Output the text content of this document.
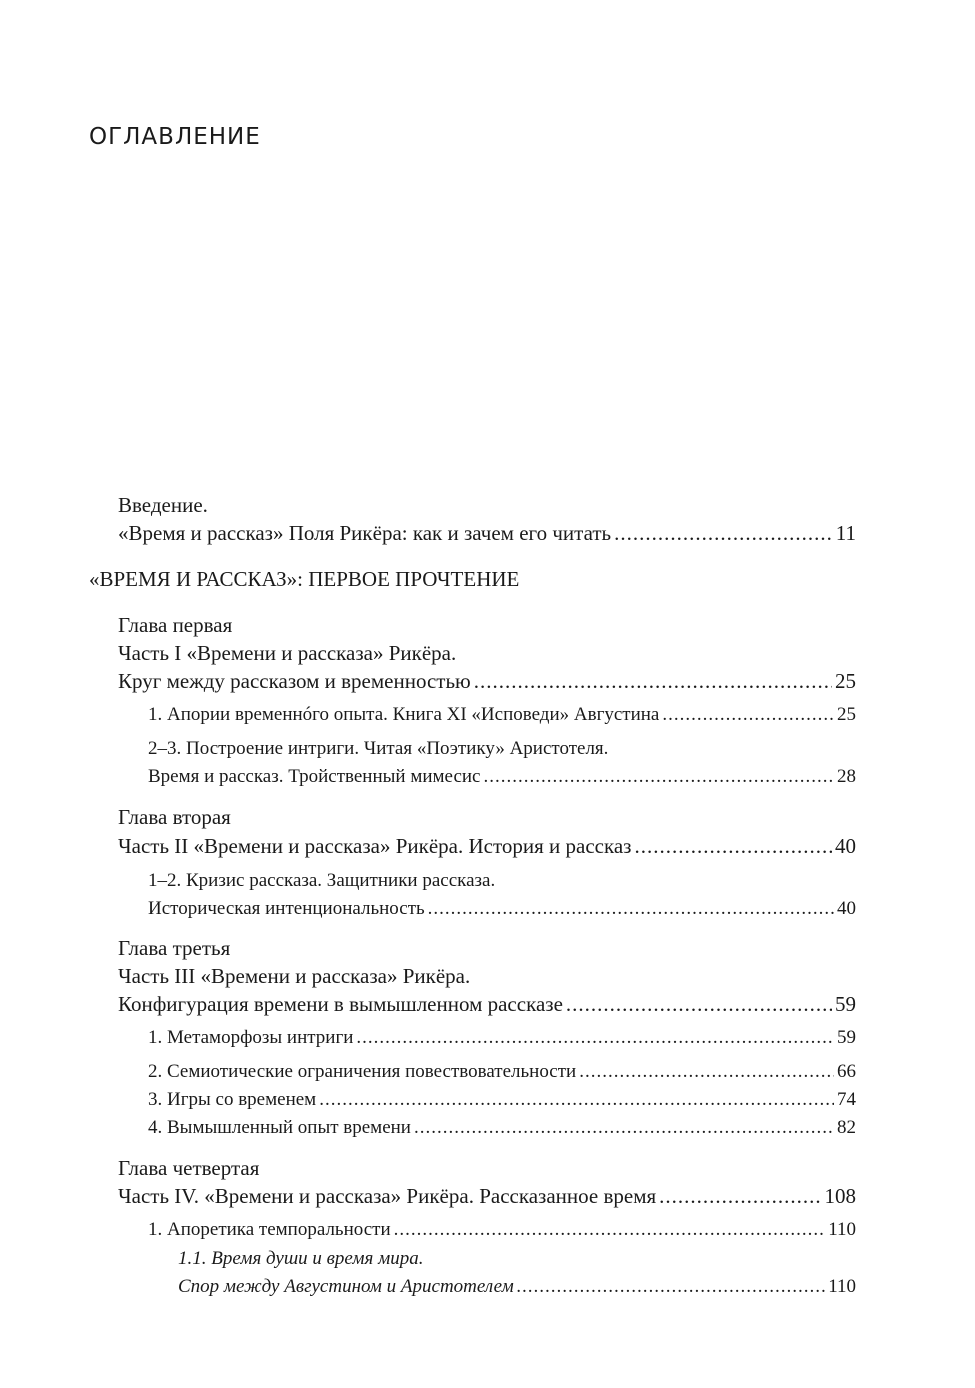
ОГЛАВЛЕНИЕ
Введение.
«Время и рассказ» Поля Рикёра: как и зачем его читать .....	11
«ВРЕМЯ И РАССКАЗ»: ПЕРВОЕ ПРОЧТЕНИЕ
Глава первая
Часть I «Времени и рассказа» Рикёра.
Круг между рассказом и временностью .....	25
1. Апории временнóго опыта. Книга XI «Исповеди» Августина .....	25
2–3. Построение интриги. Читая «Поэтику» Аристотеля.
Время и рассказ. Тройственный мимесис .....	28
Глава вторая
Часть II «Времени и рассказа» Рикёра. История и рассказ .....	40
1–2. Кризис рассказа. Защитники рассказа.
Историческая интенциональность .....	40
Глава третья
Часть III «Времени и рассказа» Рикёра.
Конфигурация времени в вымышленном рассказе .....	59
1. Метаморфозы интриги .....	59
2. Семиотические ограничения повествовательности .....	66
3. Игры со временем .....	74
4. Вымышленный опыт времени .....	82
Глава четвертая
Часть IV. «Времени и рассказа» Рикёра. Рассказанное время .....	108
1. Апоретика темпоральности .....	110
1.1. Время души и время мира.
Спор между Августином и Аристотелем .....	110
